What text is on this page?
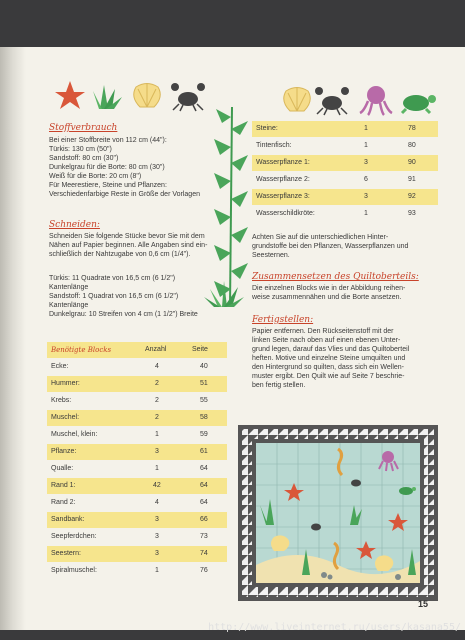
Stoffverbrauch
Bei einer Stoffbreite von 112 cm (44"):
Türkis: 130 cm (50")
Sandstoff: 80 cm (30")
Dunkelgrau für die Borte: 80 cm (30")
Weiß für die Borte: 20 cm (8")
Für Meerestiere, Steine und Pflanzen:
Verschiedenfarbige Reste in Größe der Vorlagen
Schneiden:
Schneiden Sie folgende Stücke bevor Sie mit dem
Nähen auf Papier beginnen. Alle Angaben sind ein-
schließlich der Nahtzugabe von 0,6 cm (1/4").
Türkis: 11 Quadrate von 16,5 cm (6 1/2")
Kantenlänge
Sandstoff: 1 Quadrat von 16,5 cm (6 1/2")
Kantenlänge
Dunkelgrau: 10 Streifen von 4 cm (1 1/2") Breite
Benötigte Blocks	Anzahl	Seite
Ecke:	4	40
Hummer:	2	51
Krebs:	2	55
Muschel:	2	58
Muschel, klein:	1	59
Pflanze:	3	61
Qualle:	1	64
Rand 1:	42	64
Rand 2:	4	64
Sandbank:	3	66
Seepferdchen:	3	73
Seestern:	3	74
Spiralmuschel:	1	76
Steine:	1	78
Tintenfisch:	1	80
Wasserpflanze 1:	3	90
Wasserpflanze 2:	6	91
Wasserpflanze 3:	3	92
Wasserschildkröte:	1	93
Achten Sie auf die unterschiedlichen Hinter-
grundstoffe bei den Pflanzen, Wasserpflanzen und
Seesternen.
Zusammensetzen des Quiltoberteils:
Die einzelnen Blocks wie in der Abbildung reihen-
weise zusammennähen und die Borte ansetzen.
Fertigstellen:
Papier entfernen. Den Rückseitenstoff mit der
linken Seite nach oben auf einen ebenen Unter-
grund legen, darauf das Vlies und das Quiltoberteil
heften. Motive und einzelne Steine umquilten und
den Hintergrund so quilten, dass sich ein Wellen-
muster ergibt. Den Quilt wie auf Seite 7 beschrie-
ben fertig stellen.
15
http://www.liveinternet.ru/users/kasana55/
